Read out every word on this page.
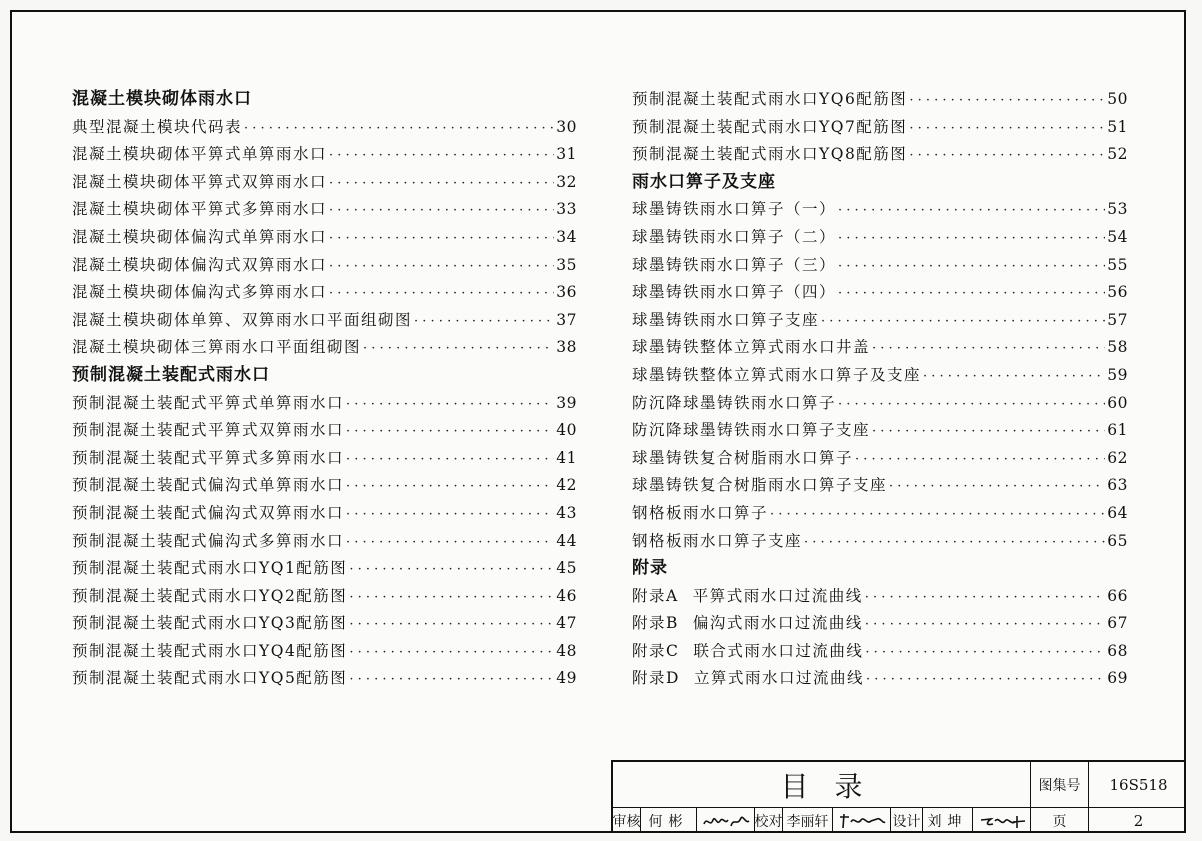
混凝土模块砌体雨水口
典型混凝土模块代码表 · · ·	30
混凝土模块砌体平箅式单箅雨水口 · · ·	31
混凝土模块砌体平箅式双箅雨水口 · · ·	32
混凝土模块砌体平箅式多箅雨水口 · · ·	33
混凝土模块砌体偏沟式单箅雨水口 · · ·	34
混凝土模块砌体偏沟式双箅雨水口 · · ·	35
混凝土模块砌体偏沟式多箅雨水口 · · ·	36
混凝土模块砌体单箅、双箅雨水口平面组砌图 · · ·	37
混凝土模块砌体三箅雨水口平面组砌图 · · ·	38
预制混凝土装配式雨水口
预制混凝土装配式平箅式单箅雨水口 · · ·	39
预制混凝土装配式平箅式双箅雨水口 · · ·	40
预制混凝土装配式平箅式多箅雨水口 · · ·	41
预制混凝土装配式偏沟式单箅雨水口 · · ·	42
预制混凝土装配式偏沟式双箅雨水口 · · ·	43
预制混凝土装配式偏沟式多箅雨水口 · · ·	44
预制混凝土装配式雨水口YQ1配筋图 · · ·	45
预制混凝土装配式雨水口YQ2配筋图 · · ·	46
预制混凝土装配式雨水口YQ3配筋图 · · ·	47
预制混凝土装配式雨水口YQ4配筋图 · · ·	48
预制混凝土装配式雨水口YQ5配筋图 · · ·	49
预制混凝土装配式雨水口YQ6配筋图 · · ·	50
预制混凝土装配式雨水口YQ7配筋图 · · ·	51
预制混凝土装配式雨水口YQ8配筋图 · · ·	52
雨水口箅子及支座
球墨铸铁雨水口箅子（一） · · ·	53
球墨铸铁雨水口箅子（二） · · ·	54
球墨铸铁雨水口箅子（三） · · ·	55
球墨铸铁雨水口箅子（四） · · ·	56
球墨铸铁雨水口箅子支座 · · ·	57
球墨铸铁整体立箅式雨水口井盖 · · ·	58
球墨铸铁整体立箅式雨水口箅子及支座 · · ·	59
防沉降球墨铸铁雨水口箅子 · · ·	60
防沉降球墨铸铁雨水口箅子支座 · · ·	61
球墨铸铁复合树脂雨水口箅子 · · ·	62
球墨铸铁复合树脂雨水口箅子支座 · · ·	63
钢格板雨水口箅子 · · ·	64
钢格板雨水口箅子支座 · · ·	65
附录
附录A 平箅式雨水口过流曲线 · · ·	66
附录B 偏沟式雨水口过流曲线 · · ·	67
附录C 联合式雨水口过流曲线 · · ·	68
附录D 立箅式雨水口过流曲线 · · ·	69
目录	图集号	16S518
审核 何彬	校对 李丽轩	设计 刘坤	页	2
